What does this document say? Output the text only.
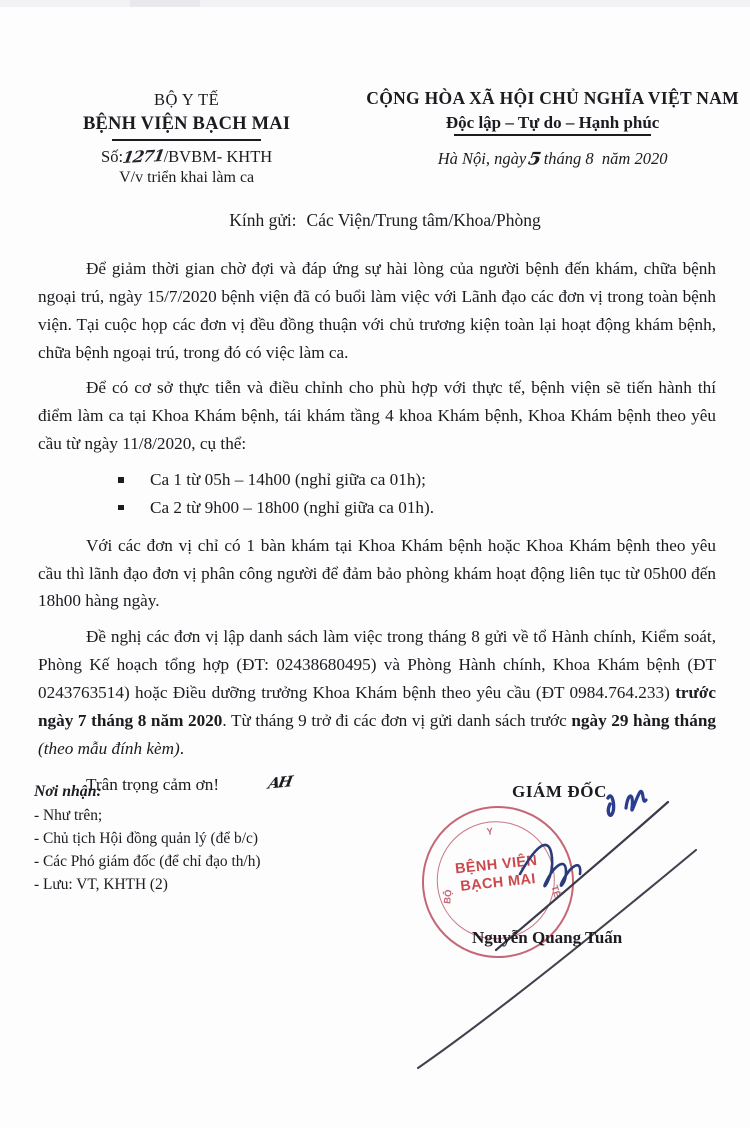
BỘ Y TẾ
BỆNH VIỆN BẠCH MAI
Số:1271/BVBM- KHTH
V/v triển khai làm ca
CỘNG HÒA XÃ HỘI CHỦ NGHĨA VIỆT NAM
Độc lập – Tự do – Hạnh phúc
Hà Nội, ngày5tháng 8 năm 2020
Kính gửi: Các Viện/Trung tâm/Khoa/Phòng

Để giảm thời gian chờ đợi và đáp ứng sự hài lòng của người bệnh đến khám, chữa bệnh ngoại trú, ngày 15/7/2020 bệnh viện đã có buổi làm việc với Lãnh đạo các đơn vị trong toàn bệnh viện. Tại cuộc họp các đơn vị đều đồng thuận với chủ trương kiện toàn lại hoạt động khám bệnh, chữa bệnh ngoại trú, trong đó có việc làm ca.

Để có cơ sở thực tiễn và điều chỉnh cho phù hợp với thực tế, bệnh viện sẽ tiến hành thí điểm làm ca tại Khoa Khám bệnh, tái khám tầng 4 khoa Khám bệnh, Khoa Khám bệnh theo yêu cầu từ ngày 11/8/2020, cụ thể:

Ca 1 từ 05h – 14h00 (nghỉ giữa ca 01h);
Ca 2 từ 9h00 – 18h00 (nghỉ giữa ca 01h).

Với các đơn vị chỉ có 1 bàn khám tại Khoa Khám bệnh hoặc Khoa Khám bệnh theo yêu cầu thì lãnh đạo đơn vị phân công người để đảm bảo phòng khám hoạt động liên tục từ 05h00 đến 18h00 hàng ngày.

Đề nghị các đơn vị lập danh sách làm việc trong tháng 8 gửi về tổ Hành chính, Kiểm soát, Phòng Kế hoạch tổng hợp (ĐT: 02438680495) và Phòng Hành chính, Khoa Khám bệnh (ĐT 0243763514) hoặc Điều dưỡng trưởng Khoa Khám bệnh theo yêu cầu (ĐT 0984.764.233) trước ngày 7 tháng 8 năm 2020. Từ tháng 9 trở đi các đơn vị gửi danh sách trước ngày 29 hàng tháng (theo mẫu đính kèm).

Trân trọng cảm ơn!	AH

Nơi nhận:
- Như trên;
- Chủ tịch Hội đồng quản lý (để b/c)
- Các Phó giám đốc (để chỉ đạo th/h)
- Lưu: VT, KHTH (2)
GIÁM ĐỐC
Y
BỘ	TẾ
BỆNH VIỆN
BẠCH MAI
Nguyễn Quang Tuấn
